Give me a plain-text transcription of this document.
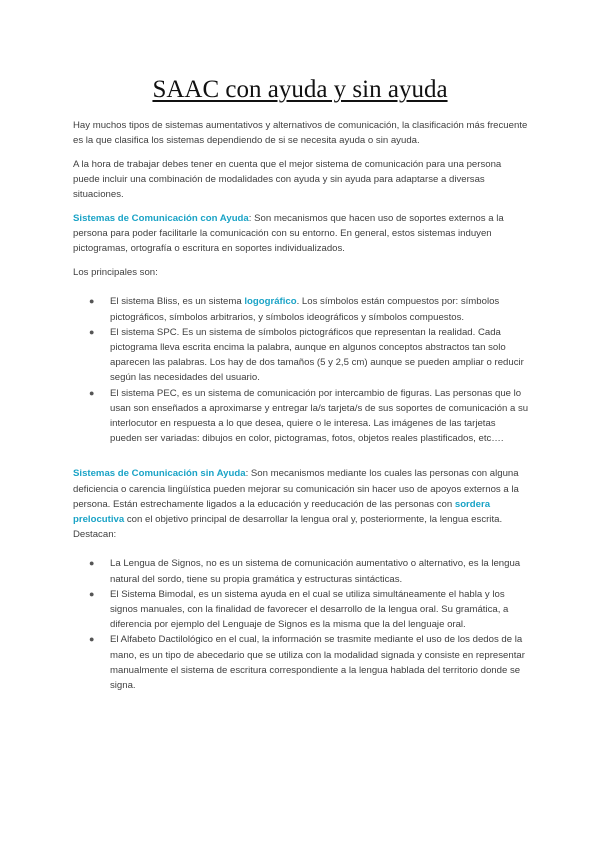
SAAC con ayuda y sin ayuda

Hay muchos tipos de sistemas aumentativos y alternativos de comunicación, la clasificación más frecuente es la que clasifica los sistemas dependiendo de si se necesita ayuda o sin ayuda.

A la hora de trabajar debes tener en cuenta que el mejor sistema de comunicación para una persona puede incluir una combinación de modalidades con ayuda y sin ayuda para adaptarse a diversas situaciones.

Sistemas de Comunicación con Ayuda: Son mecanismos que hacen uso de soportes externos a la persona para poder facilitarle la comunicación con su entorno. En general, estos sistemas induyen pictogramas, ortografía o escritura en soportes individualizados.

Los principales son:

● El sistema Bliss, es un sistema logográfico. Los símbolos están compuestos por: símbolos pictográficos, símbolos arbitrarios, y símbolos ideográficos y símbolos compuestos.
● El sistema SPC. Es un sistema de símbolos pictográficos que representan la realidad. Cada pictograma lleva escrita encima la palabra, aunque en algunos conceptos abstractos tan solo aparecen las palabras. Los hay de dos tamaños (5 y 2,5 cm) aunque se pueden ampliar o reducir según las necesidades del usuario.
● El sistema PEC, es un sistema de comunicación por intercambio de figuras. Las personas que lo usan son enseñados a aproximarse y entregar la/s tarjeta/s de sus soportes de comunicación a su interlocutor en respuesta a lo que desea, quiere o le interesa. Las imágenes de las tarjetas pueden ser variadas: dibujos en color, pictogramas, fotos, objetos reales plastificados, etc….

Sistemas de Comunicación sin Ayuda: Son mecanismos mediante los cuales las personas con alguna deficiencia o carencia lingüística pueden mejorar su comunicación sin hacer uso de apoyos externos a la persona. Están estrechamente ligados a la educación y reeducación de las personas con sordera prelocutiva con el objetivo principal de desarrollar la lengua oral y, posteriormente, la lengua escrita. Destacan:

● La Lengua de Signos, no es un sistema de comunicación aumentativo o alternativo, es la lengua natural del sordo, tiene su propia gramática y estructuras sintácticas.
● El Sistema Bimodal, es un sistema ayuda en el cual se utiliza simultáneamente el habla y los signos manuales, con la finalidad de favorecer el desarrollo de la lengua oral. Su gramática, a diferencia por ejemplo del Lenguaje de Signos es la misma que la del lenguaje oral.
● El Alfabeto Dactilológico en el cual, la información se trasmite mediante el uso de los dedos de la mano, es un tipo de abecedario que se utiliza con la modalidad signada y consiste en representar manualmente el sistema de escritura correspondiente a la lengua hablada del territorio donde se signa.
